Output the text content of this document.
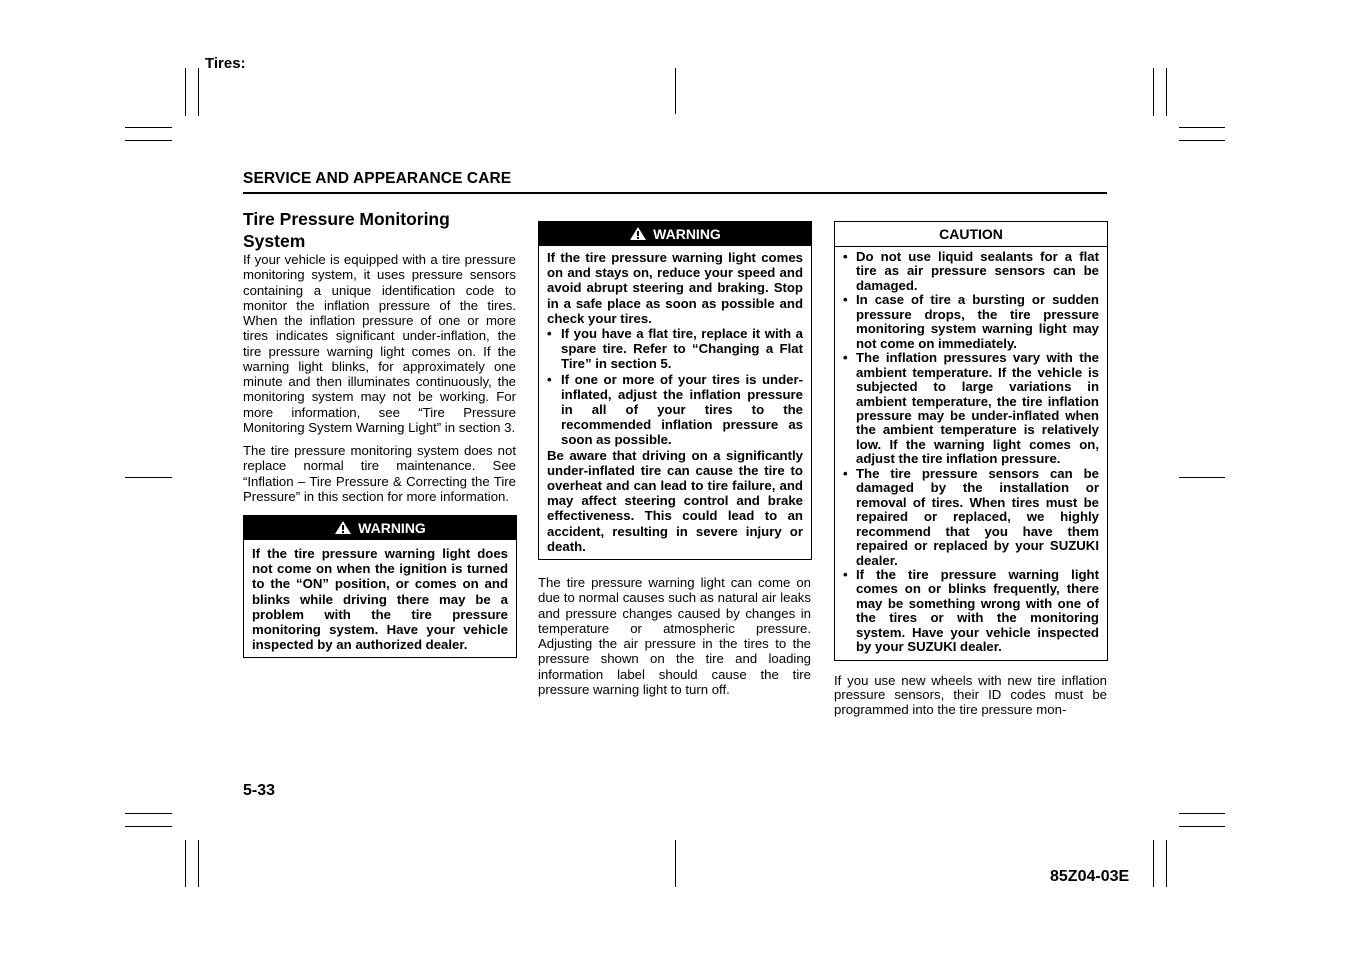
Tires:
SERVICE AND APPEARANCE CARE
Tire Pressure Monitoring System

If your vehicle is equipped with a tire pressure monitoring system, it uses pressure sensors containing a unique identification code to monitor the inflation pressure of the tires. When the inflation pressure of one or more tires indicates significant under-inflation, the tire pressure warning light comes on. If the warning light blinks, for approximately one minute and then illuminates continuously, the monitoring system may not be working. For more information, see “Tire Pressure Monitoring System Warning Light” in section 3.

The tire pressure monitoring system does not replace normal tire maintenance. See “Inflation – Tire Pressure & Correcting the Tire Pressure” in this section for more information.

WARNING

If the tire pressure warning light does not come on when the ignition is turned to the “ON” position, or comes on and blinks while driving there may be a problem with the tire pressure monitoring system. Have your vehicle inspected by an authorized dealer.

WARNING

If the tire pressure warning light comes on and stays on, reduce your speed and avoid abrupt steering and braking. Stop in a safe place as soon as possible and check your tires.

• If you have a flat tire, replace it with a spare tire. Refer to “Changing a Flat Tire” in section 5.
• If one or more of your tires is under-inflated, adjust the inflation pressure in all of your tires to the recommended inflation pressure as soon as possible.

Be aware that driving on a significantly under-inflated tire can cause the tire to overheat and can lead to tire failure, and may affect steering control and brake effectiveness. This could lead to an accident, resulting in severe injury or death.

The tire pressure warning light can come on due to normal causes such as natural air leaks and pressure changes caused by changes in temperature or atmospheric pressure. Adjusting the air pressure in the tires to the pressure shown on the tire and loading information label should cause the tire pressure warning light to turn off.

CAUTION
• Do not use liquid sealants for a flat tire as air pressure sensors can be damaged.
• In case of tire a bursting or sudden pressure drops, the tire pressure monitoring system warning light may not come on immediately.
• The inflation pressures vary with the ambient temperature. If the vehicle is subjected to large variations in ambient temperature, the tire inflation pressure may be under-inflated when the ambient temperature is relatively low. If the warning light comes on, adjust the tire inflation pressure.
• The tire pressure sensors can be damaged by the installation or removal of tires. When tires must be repaired or replaced, we highly recommend that you have them repaired or replaced by your SUZUKI dealer.
• If the tire pressure warning light comes on or blinks frequently, there may be something wrong with one of the tires or with the monitoring system. Have your vehicle inspected by your SUZUKI dealer.

If you use new wheels with new tire inflation pressure sensors, their ID codes must be programmed into the tire pressure mon-

5-33
85Z04-03E
